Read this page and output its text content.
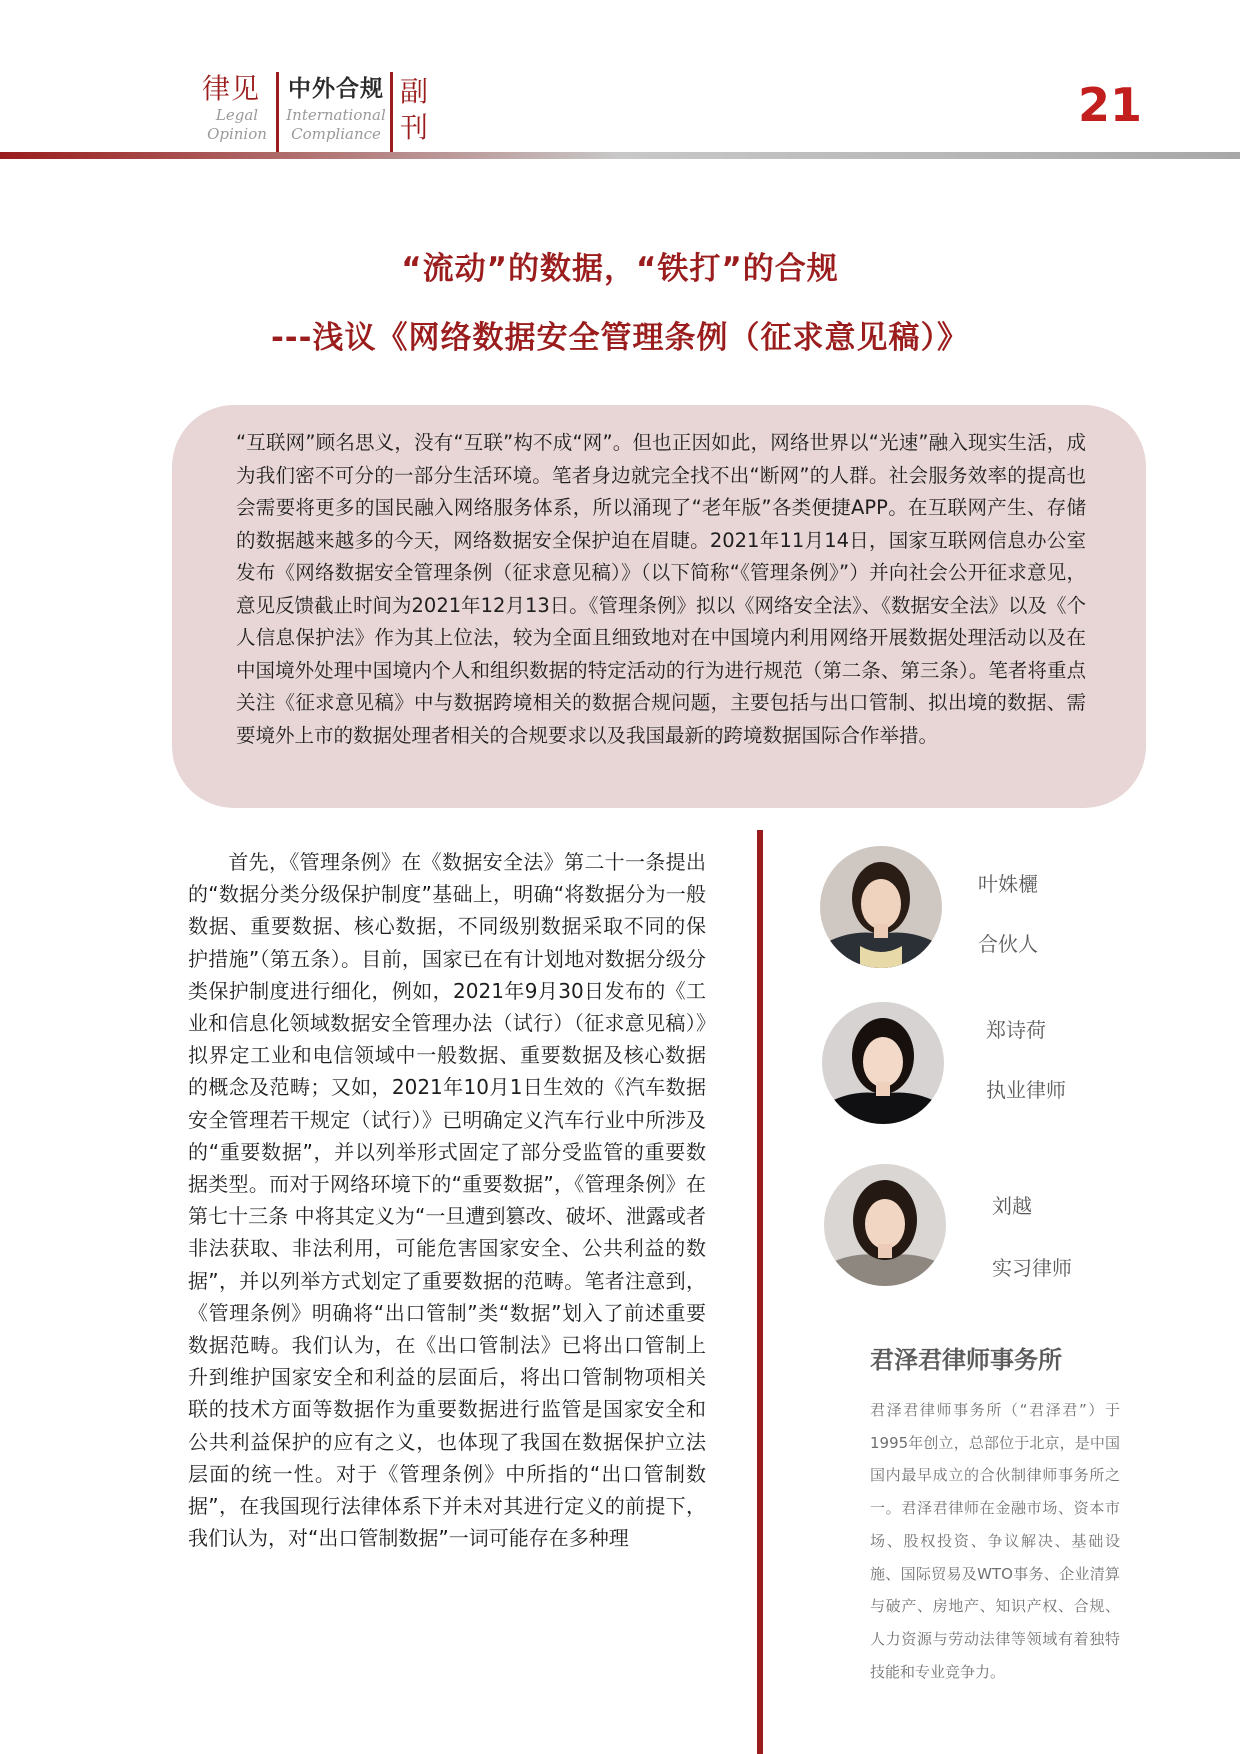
律见
Legal
Opinion
中外合规
International
Compliance
副刊	21
“流动”的数据，“铁打”的合规
---浅议《网络数据安全管理条例（征求意见稿）》
“互联网”顾名思义，没有“互联”构不成“网”。但也正因如此，网络世界以“光速”融入现实生活，成为我们密不可分的一部分生活环境。笔者身边就完全找不出“断网”的人群。社会服务效率的提高也会需要将更多的国民融入网络服务体系，所以涌现了“老年版”各类便捷APP。在互联网产生、存储的数据越来越多的今天，网络数据安全保护迫在眉睫。2021年11月14日，国家互联网信息办公室发布《网络数据安全管理条例（征求意见稿）》（以下简称“《管理条例》”）并向社会公开征求意见，意见反馈截止时间为2021年12月13日。《管理条例》拟以《网络安全法》、《数据安全法》以及《个人信息保护法》作为其上位法，较为全面且细致地对在中国境内利用网络开展数据处理活动以及在中国境外处理中国境内个人和组织数据的特定活动的行为进行规范（第二条、第三条）。笔者将重点关注《征求意见稿》中与数据跨境相关的数据合规问题，主要包括与出口管制、拟出境的数据、需要境外上市的数据处理者相关的合规要求以及我国最新的跨境数据国际合作举措。
首先，《管理条例》在《数据安全法》第二十一条提出的“数据分类分级保护制度”基础上，明确“将数据分为一般数据、重要数据、核心数据，不同级别数据采取不同的保护措施”（第五条）。目前，国家已在有计划地对数据分级分类保护制度进行细化，例如，2021年9月30日发布的《工业和信息化领域数据安全管理办法（试行）（征求意见稿）》拟界定工业和电信领域中一般数据、重要数据及核心数据的概念及范畴；又如，2021年10月1日生效的《汽车数据安全管理若干规定（试行）》已明确定义汽车行业中所涉及的“重要数据”，并以列举形式固定了部分受监管的重要数据类型。而对于网络环境下的“重要数据”，《管理条例》在第七十三条 中将其定义为“一旦遭到篡改、破坏、泄露或者非法获取、非法利用，可能危害国家安全、公共利益的数据”，并以列举方式划定了重要数据的范畴。笔者注意到，《管理条例》明确将“出口管制”类“数据”划入了前述重要数据范畴。我们认为，在《出口管制法》已将出口管制上升到维护国家安全和利益的层面后，将出口管制物项相关联的技术方面等数据作为重要数据进行监管是国家安全和公共利益保护的应有之义，也体现了我国在数据保护立法层面的统一性。对于《管理条例》中所指的“出口管制数据”，在我国现行法律体系下并未对其进行定义的前提下，我们认为，对“出口管制数据”一词可能存在多种理
叶姝欐
合伙人
郑诗荷
执业律师
刘越
实习律师
君泽君律师事务所
君泽君律师事务所（“君泽君”）于1995年创立，总部位于北京，是中国国内最早成立的合伙制律师事务所之一。君泽君律师在金融市场、资本市场、股权投资、争议解决、基础设施、国际贸易及WTO事务、企业清算与破产、房地产、知识产权、合规、人力资源与劳动法律等领域有着独特技能和专业竞争力。
